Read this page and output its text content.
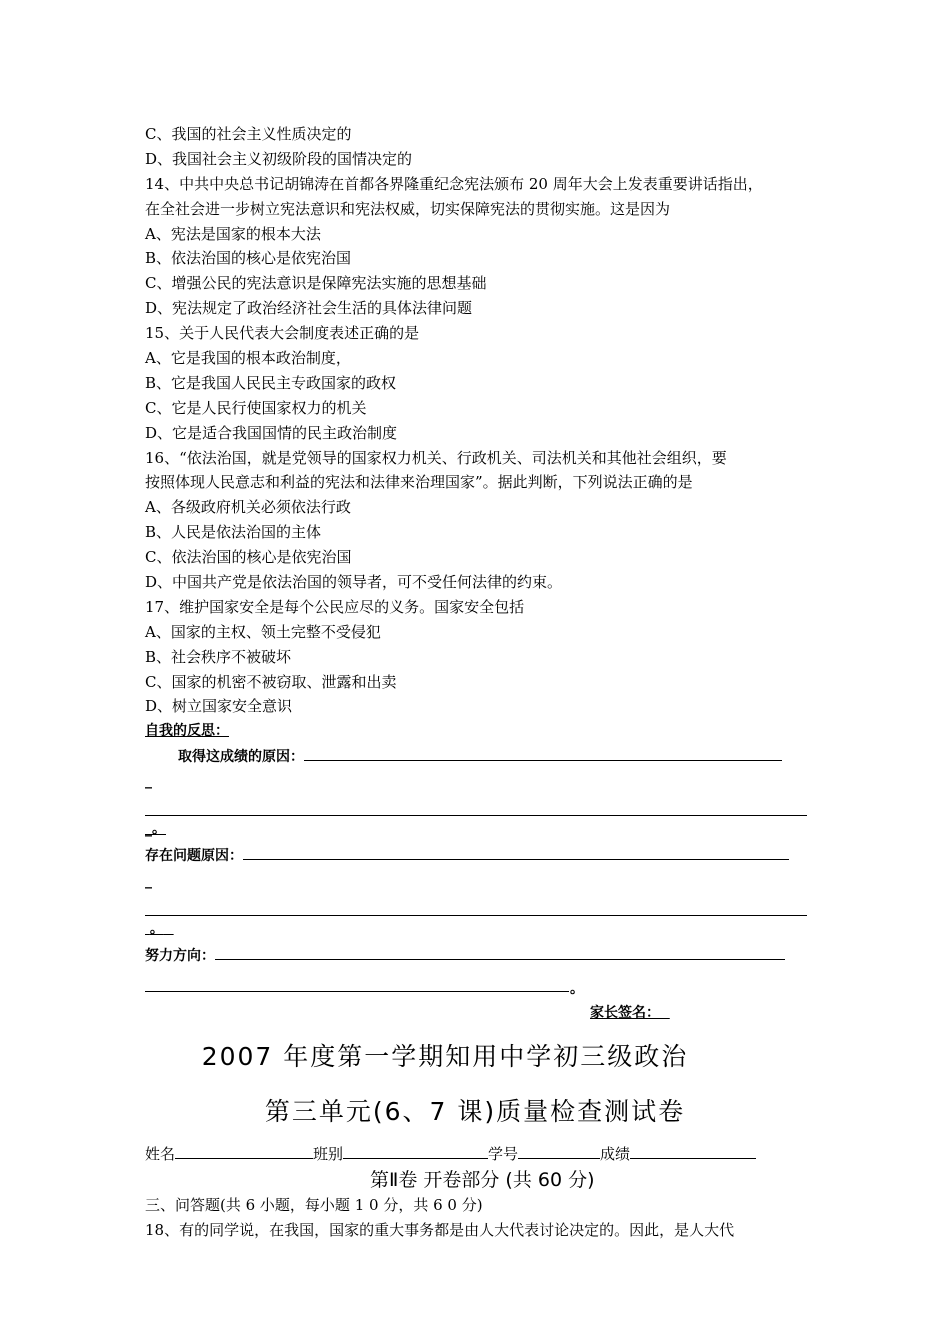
C、我国的社会主义性质决定的
D、我国社会主义初级阶段的国情决定的
14、中共中央总书记胡锦涛在首都各界隆重纪念宪法颁布 20 周年大会上发表重要讲话指出，
在全社会进一步树立宪法意识和宪法权威，切实保障宪法的贯彻实施。这是因为
A、宪法是国家的根本大法
B、依法治国的核心是依宪治国
C、增强公民的宪法意识是保障宪法实施的思想基础
D、宪法规定了政治经济社会生活的具体法律问题
15、关于人民代表大会制度表述正确的是
A、它是我国的根本政治制度，
B、它是我国人民民主专政国家的政权
C、它是人民行使国家权力的机关
D、它是适合我国国情的民主政治制度
16、“依法治国，就是党领导的国家权力机关、行政机关、司法机关和其他社会组织，要
按照体现人民意志和利益的宪法和法律来治理国家”。据此判断，下列说法正确的是
A、各级政府机关必须依法行政
B、人民是依法治国的主体
C、依法治国的核心是依宪治国
D、中国共产党是依法治国的领导者，可不受任何法律的约束。
17、维护国家安全是每个公民应尽的义务。国家安全包括
A、国家的主权、领土完整不受侵犯
B、社会秩序不被破坏
C、国家的机密不被窃取、泄露和出卖
D、树立国家安全意识
自我的反思：
取得这成绩的原因：
_
_。
存在问题原因：
_
。
努力方向：
。
家长签名：
2007 年度第一学期知用中学初三级政治
第三单元(6、7 课)质量检查测试卷
姓名	班别	学号	成绩
第Ⅱ卷 开卷部分 (共 60 分)
三、问答题(共 6 小题，每小题 1 0 分，共 6 0 分)
18、有的同学说，在我国，国家的重大事务都是由人大代表讨论决定的。因此，是人大代
